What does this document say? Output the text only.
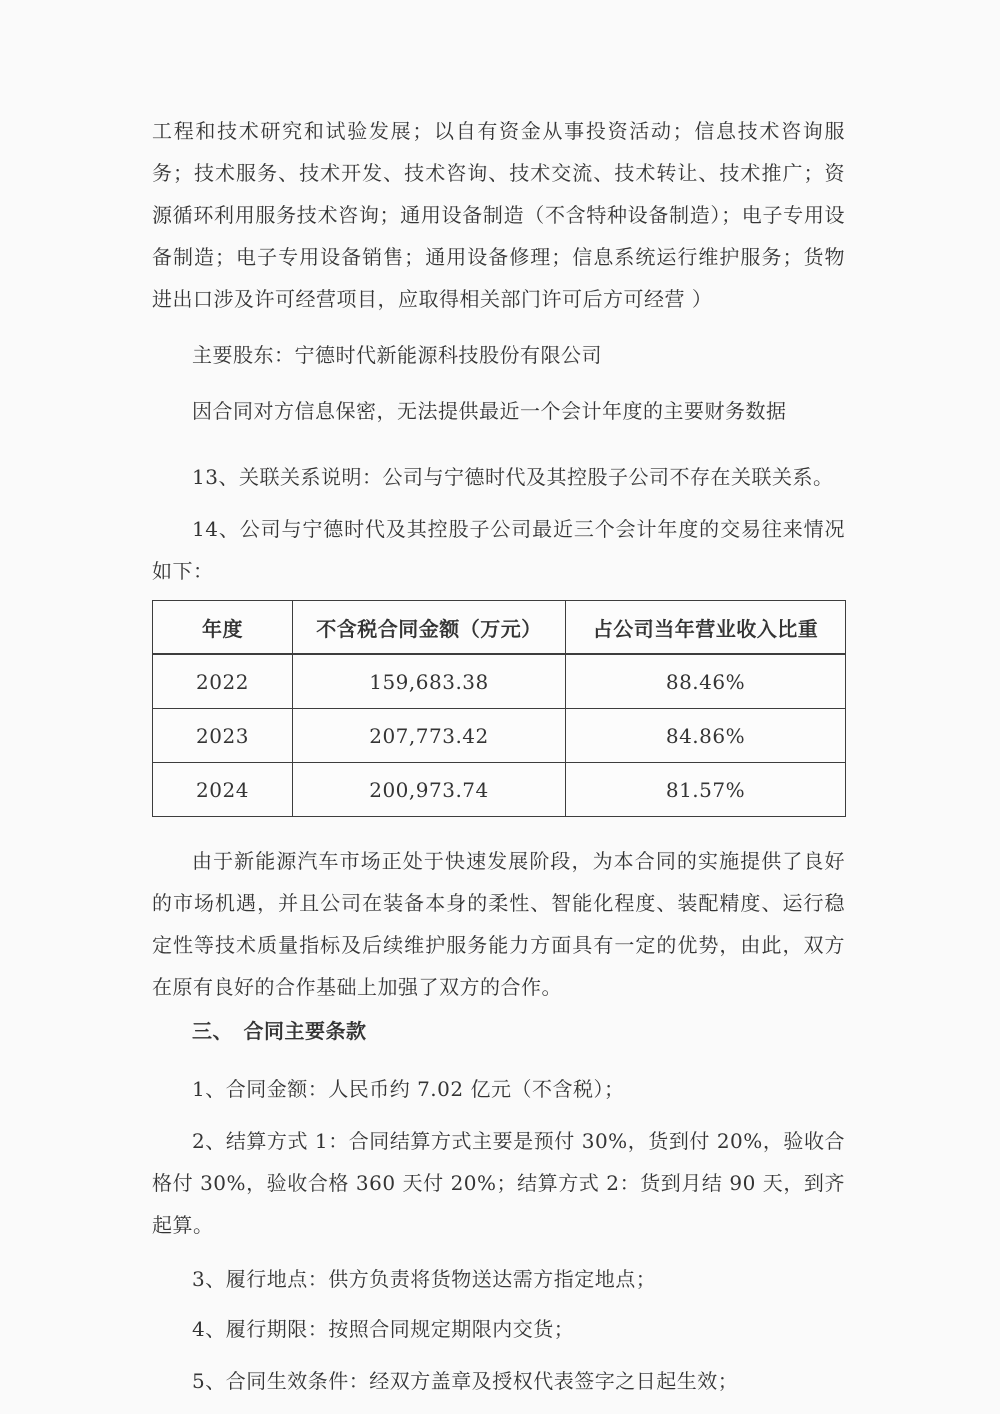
工程和技术研究和试验发展；以自有资金从事投资活动；信息技术咨询服务；技术服务、技术开发、技术咨询、技术交流、技术转让、技术推广；资源循环利用服务技术咨询；通用设备制造（不含特种设备制造）；电子专用设备制造；电子专用设备销售；通用设备修理；信息系统运行维护服务；货物进出口涉及许可经营项目，应取得相关部门许可后方可经营 ）

主要股东：宁德时代新能源科技股份有限公司

因合同对方信息保密，无法提供最近一个会计年度的主要财务数据

13、关联关系说明：公司与宁德时代及其控股子公司不存在关联关系。

14、公司与宁德时代及其控股子公司最近三个会计年度的交易往来情况如下：

年度	不含税合同金额（万元）	占公司当年营业收入比重
2022	159,683.38	88.46%
2023	207,773.42	84.86%
2024	200,973.74	81.57%

由于新能源汽车市场正处于快速发展阶段，为本合同的实施提供了良好的市场机遇，并且公司在装备本身的柔性、智能化程度、装配精度、运行稳定性等技术质量指标及后续维护服务能力方面具有一定的优势，由此，双方在原有良好的合作基础上加强了双方的合作。

三、　合同主要条款

1、合同金额：人民币约 7.02 亿元（不含税）；

2、结算方式 1：合同结算方式主要是预付 30%，货到付 20%，验收合格付 30%，验收合格 360 天付 20%；结算方式 2：货到月结 90 天，到齐起算。

3、履行地点：供方负责将货物送达需方指定地点；

4、履行期限：按照合同规定期限内交货；

5、合同生效条件：经双方盖章及授权代表签字之日起生效；
